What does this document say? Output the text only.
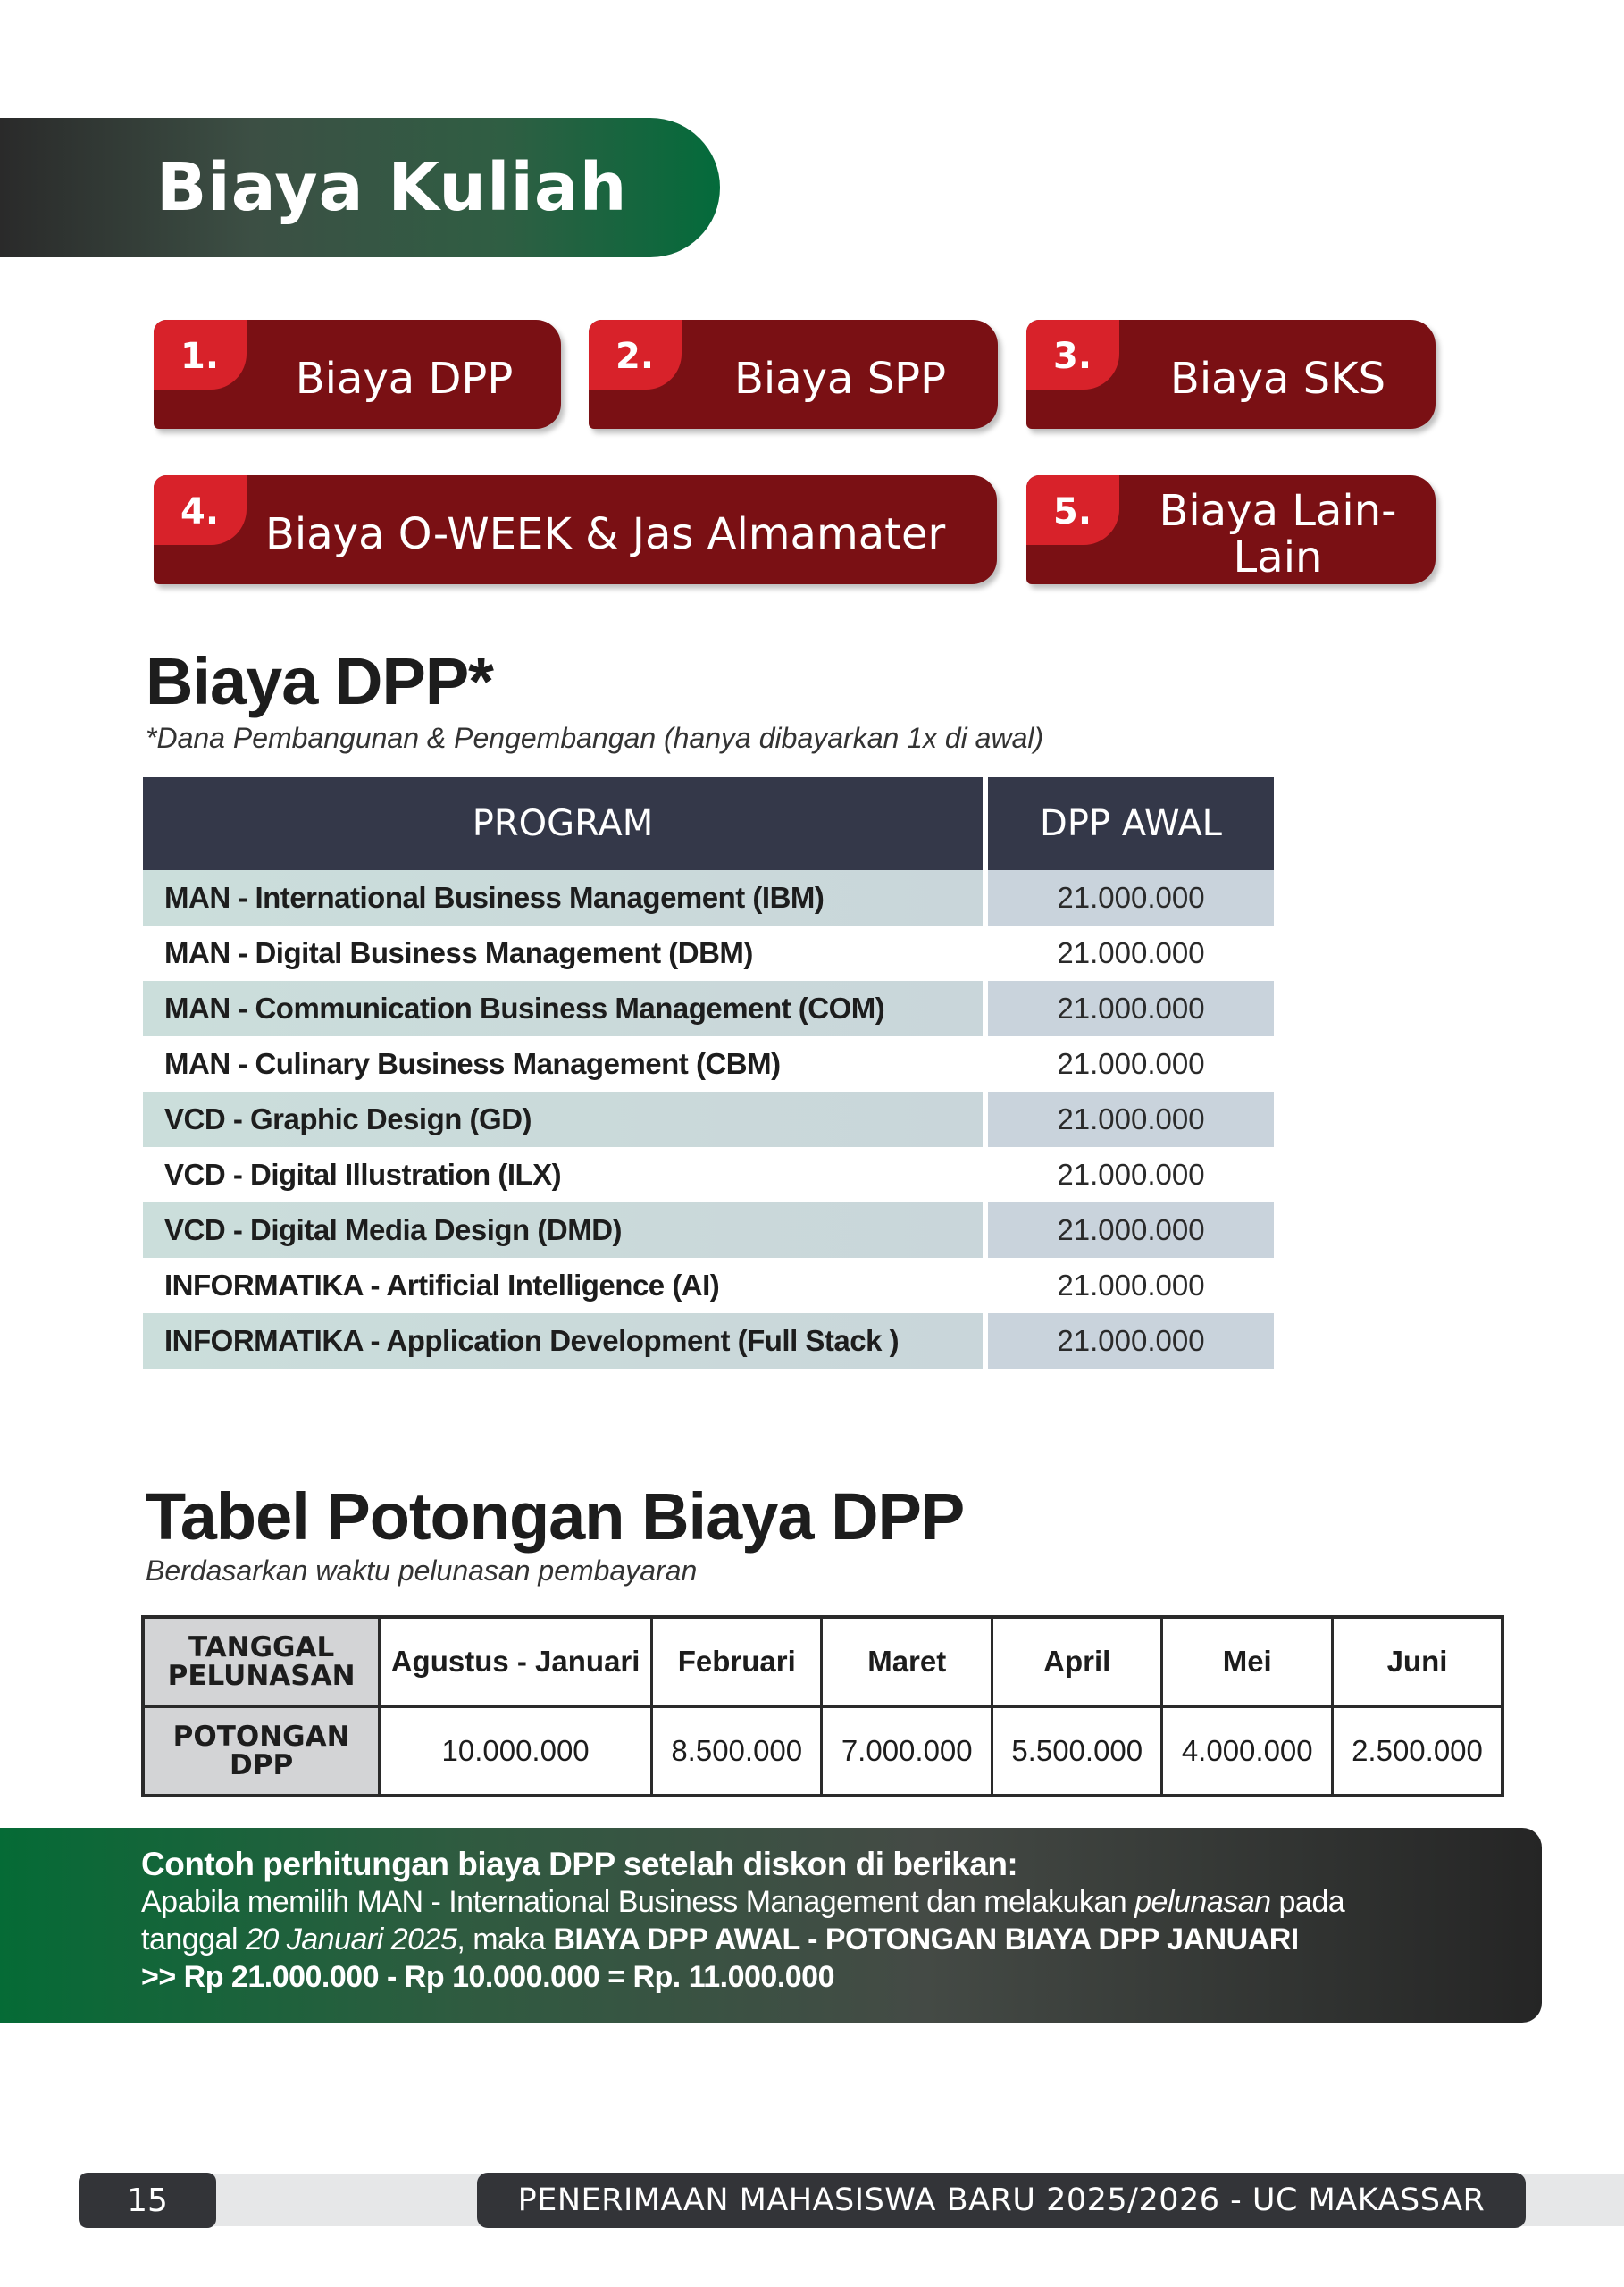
Biaya Kuliah
1.	Biaya DPP	2.	Biaya SPP	3.	Biaya SKS
4. Biaya O-WEEK & Jas Almamater	5.	Biaya Lain-Lain
Biaya DPP*
*Dana Pembangunan & Pengembangan (hanya dibayarkan 1x di awal)
PROGRAM	DPP AWAL
MAN - International Business Management (IBM)	21.000.000
MAN - Digital Business Management (DBM)	21.000.000
MAN - Communication Business Management (COM)	21.000.000
MAN - Culinary Business Management (CBM)	21.000.000
VCD - Graphic Design (GD)	21.000.000
VCD - Digital Illustration (ILX)	21.000.000
VCD - Digital Media Design (DMD)	21.000.000
INFORMATIKA - Artificial Intelligence (AI)	21.000.000
INFORMATIKA - Application Development (Full Stack )	21.000.000
Tabel Potongan Biaya DPP
Berdasarkan waktu pelunasan pembayaran
TANGGAL PELUNASAN	Agustus - Januari	Februari	Maret	April	Mei	Juni
POTONGAN DPP	10.000.000	8.500.000	7.000.000	5.500.000	4.000.000	2.500.000
Contoh perhitungan biaya DPP setelah diskon di berikan:
Apabila memilih MAN - International Business Management dan melakukan pelunasan pada
tanggal 20 Januari 2025, maka BIAYA DPP AWAL - POTONGAN BIAYA DPP JANUARI
>> Rp 21.000.000 - Rp 10.000.000 = Rp. 11.000.000
15	PENERIMAAN MAHASISWA BARU 2025/2026 - UC MAKASSAR
